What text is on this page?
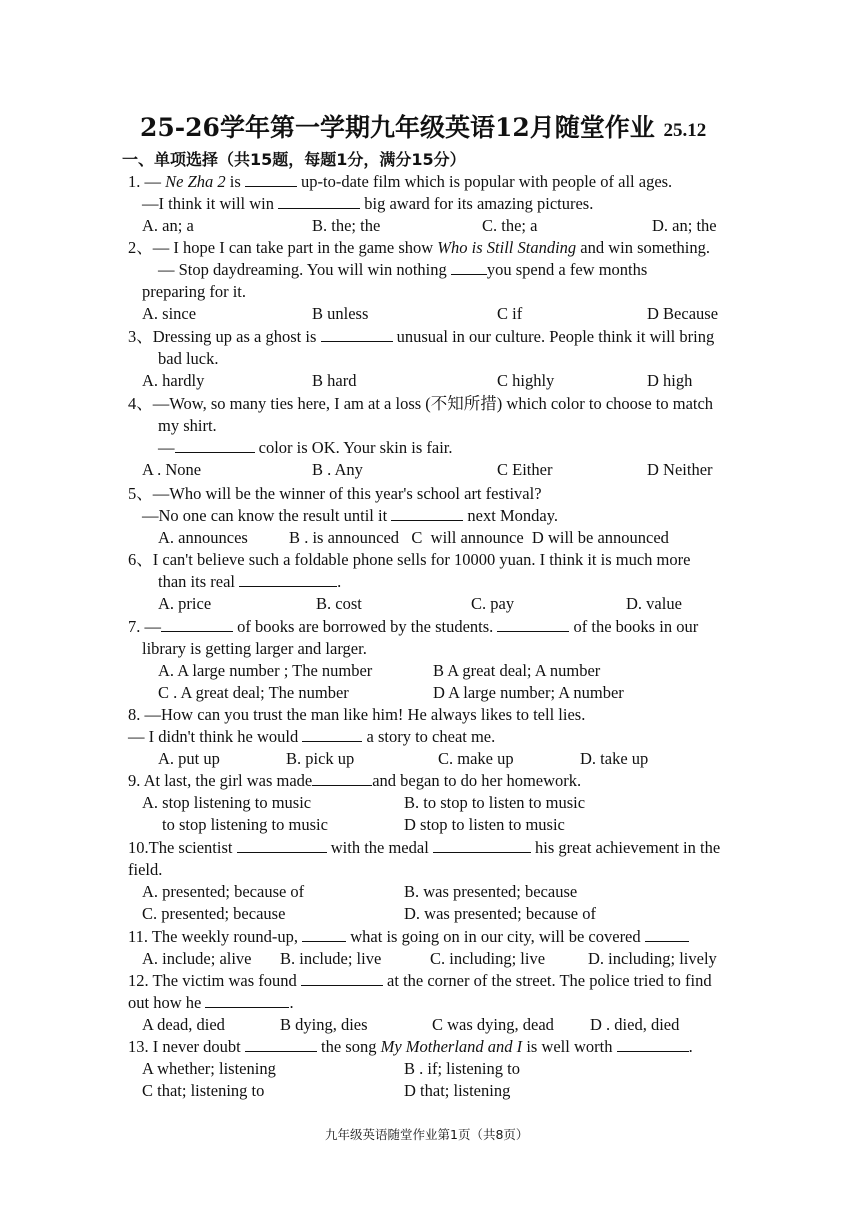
25-26学年第一学期九年级英语12月随堂作业 25.12
一、单项选择（共15题，每题1分，满分15分）
1. — Ne Zha 2 is	up-to-date film which is popular with people of all ages.
—I think it will win	big award for its amazing pictures.
A. an; a	B. the; the	C. the; a	D. an; the
2、— I hope I can take part in the game show Who is Still Standing and win something.
— Stop daydreaming. You will win nothing you spend a few months
preparing for it.
A. since	B unless	C if	D Because
3、Dressing up as a ghost is	unusual in our culture. People think it will bring
bad luck.
A. hardly	B hard	C highly	D high
4、—Wow, so many ties here, I am at a loss (不知所措) which color to choose to match
my shirt.
—	color is OK. Your skin is fair.
A . None	B . Any	C Either	D Neither
5、—Who will be the winner of this year's school art festival?
—No one can know the result until it	next Monday.
A. announces          B . is announced   C  will announce  D will be announced
6、I can't believe such a foldable phone sells for 10000 yuan. I think it is much more
than its real	.
A. price	B. cost	C. pay	D. value
7. —	of books are borrowed by the students.	of the books in our
library is getting larger and larger.
A. A large number ; The number	B A great deal; A number
C . A great deal; The number	D A large number; A number
8. —How can you trust the man like him! He always likes to tell lies.
— I didn't think he would	a story to cheat me.
A. put up	B. pick up	C. make up	D. take up
9. At last, the girl was made	and began to do her homework.
A. stop listening to music	B. to stop to listen to music
to stop listening to music	D stop to listen to music
10.The scientist	with the medal	his great achievement in the
field.
A. presented; because of	B. was presented; because
C. presented; because	D. was presented; because of
11. The weekly round-up,	what is going on in our city, will be covered
A. include; alive	B. include; live	C. including; live	D. including; lively
12. The victim was found	at the corner of the street. The police tried to find
out how he	.
A dead, died	B dying, dies	C was dying, dead	D . died, died
13. I never doubt	the song My Motherland and I is well worth	.
A whether; listening	B . if; listening to
C that; listening to	D that; listening
九年级英语随堂作业第1页（共8页）
